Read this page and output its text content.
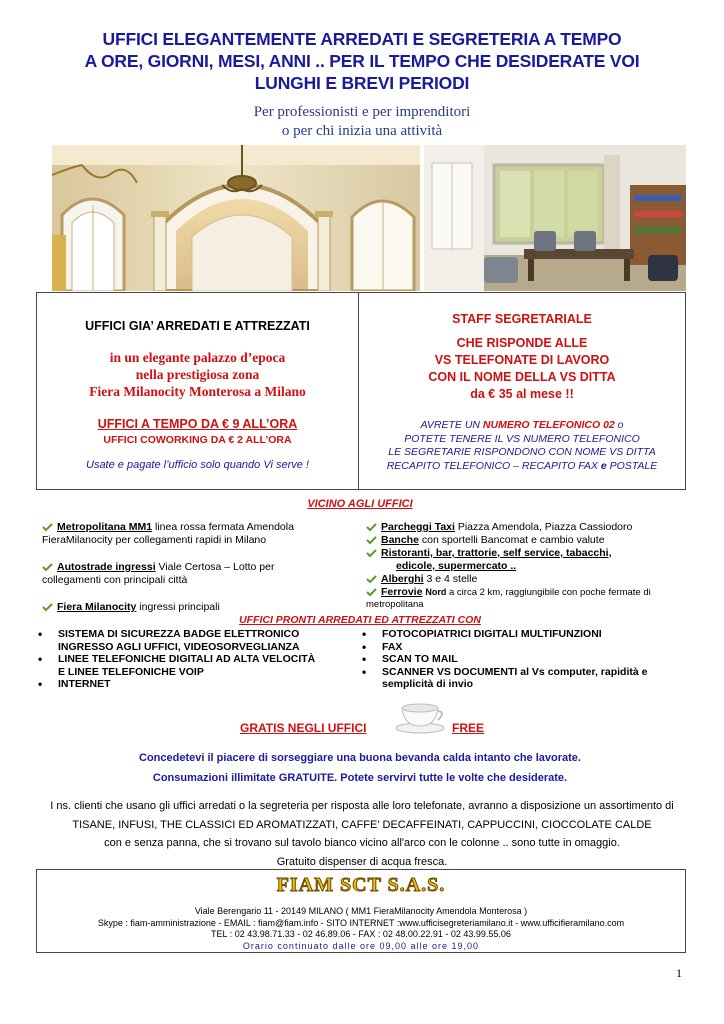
UFFICI ELEGANTEMENTE ARREDATI E SEGRETERIA A TEMPO
A ORE, GIORNI, MESI, ANNI .. PER IL TEMPO CHE DESIDERATE VOI
LUNGHI E BREVI PERIODI
Per professionisti e per imprenditori
o per chi inizia una attività
UFFICI GIA’ ARREDATI E ATTREZZATI
in un elegante palazzo d’epoca
nella prestigiosa zona
Fiera Milanocity Monterosa a Milano
UFFICI A TEMPO DA € 9 ALL’ORA
UFFICI COWORKING DA € 2 ALL’ORA
Usate e pagate l’ufficio solo quando Vi serve !
STAFF SEGRETARIALE
CHE RISPONDE ALLE
VS TELEFONATE DI LAVORO
CON IL NOME DELLA VS DITTA
da € 35 al mese !!
AVRETE UN NUMERO TELEFONICO 02 o
POTETE TENERE IL VS NUMERO TELEFONICO
LE SEGRETARIE RISPONDONO CON NOME VS DITTA
RECAPITO TELEFONICO – RECAPITO FAX e POSTALE
VICINO AGLI UFFICI
Metropolitana MM1 linea rossa fermata Amendola
FieraMilanocity per collegamenti rapidi in Milano
Autostrade ingressi Viale Certosa – Lotto per
collegamenti con principali città
Fiera Milanocity ingressi principali
Parcheggi Taxi Piazza Amendola, Piazza Cassiodoro
Banche con sportelli Bancomat e cambio valute
Ristoranti, bar, trattorie, self service, tabacchi,
edicole, supermercato ..
Alberghi 3 e 4 stelle
Ferrovie Nord a circa 2 km, raggiungibile con poche fermate di
metropolitana
UFFICI PRONTI ARREDATI ED ATTREZZATI CON
• SISTEMA DI SICUREZZA BADGE ELETTRONICO
INGRESSO AGLI UFFICI, VIDEOSORVEGLIANZA
• LINEE TELEFONICHE DIGITALI AD ALTA VELOCITÀ
E LINEE TELEFONICHE VOIP
• INTERNET
• FOTOCOPIATRICI DIGITALI MULTIFUNZIONI
• FAX
• SCAN TO MAIL
• SCANNER VS DOCUMENTI al Vs computer, rapidità e
semplicità di invio
GRATIS NEGLI UFFICI	FREE
Concedetevi il piacere di sorseggiare una buona bevanda calda intanto che lavorate.
Consumazioni illimitate GRATUITE. Potete servirvi tutte le volte che desiderate.
I ns. clienti che usano gli uffici arredati o la segreteria per risposta alle loro telefonate, avranno a disposizione un assortimento di
TISANE, INFUSI, THE CLASSICI ED AROMATIZZATI, CAFFE' DECAFFEINATI, CAPPUCCINI, CIOCCOLATE CALDE
con e senza panna, che si trovano sul tavolo bianco vicino all'arco con le colonne .. sono tutte in omaggio.
Gratuito dispenser di acqua fresca.
FIAM SCT S.A.S.
Viale Berengario 11 - 20149 MILANO ( MM1 FieraMilanocity Amendola Monterosa )
Skype : fiam-amministrazione - EMAIL : fiam@fiam.info - SITO INTERNET :www.ufficisegreteriamilano.it - www.ufficifieramilano.com
TEL : 02 43.98.71.33 - 02 46.89.06 - FAX : 02 48.00.22.91 - 02 43.99.55.06
Orario continuato dalle ore 09,00 alle ore 19,00
1
